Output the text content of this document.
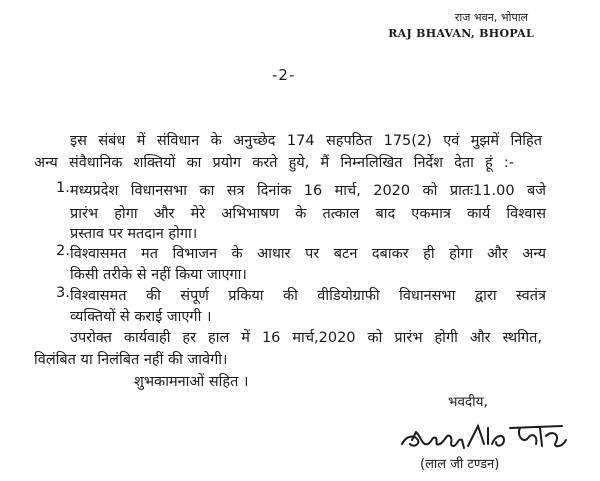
राज भवन, भोपाल
RAJ BHAVAN, BHOPAL
-2-
इस संबंध में संविधान के अनुच्छेद 174 सहपठित 175(2) एवं मुझमें निहित
अन्य संवैधानिक शक्तियों का प्रयोग करते हुये, मैं निम्नलिखित निर्देश देता हूं :-
1. मध्यप्रदेश विधानसभा का सत्र दिनांक 16 मार्च, 2020 को प्रातः11.00 बजे
प्रारंभ होगा और मेरे अभिभाषण के तत्काल बाद एकमात्र कार्य विश्वास
प्रस्ताव पर मतदान होगा।
2. विश्वासमत मत विभाजन के आधार पर बटन दबाकर ही होगा और अन्य
किसी तरीके से नहीं किया जाएगा।
3. विश्वासमत की संपूर्ण प्रकिया की वीडियोग्राफी विधानसभा द्वारा स्वतंत्र
व्यक्तियों से कराई जाएगी ।
उपरोक्त कार्यवाही हर हाल में 16 मार्च,2020 को प्रारंभ होगी और स्थगित,
विलंबित या निलंबित नहीं की जावेगी।
शुभकामनाओं सहित ।
भवदीय,
(लाल जी टण्डन)
